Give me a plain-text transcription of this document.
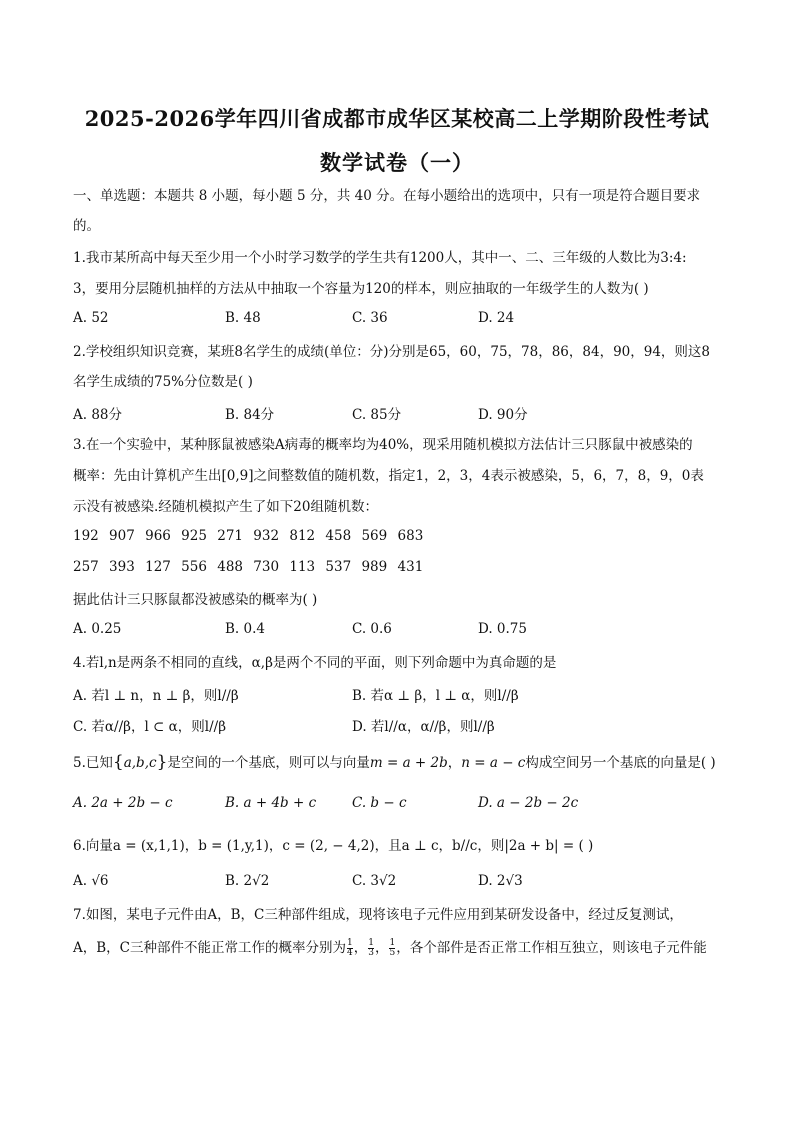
2025-2026学年四川省成都市成华区某校高二上学期阶段性考试
数学试卷（一）
一、单选题：本题共 8 小题，每小题 5 分，共 40 分。在每小题给出的选项中，只有一项是符合题目要求
的。
1.我市某所高中每天至少用一个小时学习数学的学生共有1200人，其中一、二、三年级的人数比为3:4:
3，要用分层随机抽样的方法从中抽取一个容量为120的样本，则应抽取的一年级学生的人数为( )
A. 52	B. 48	C. 36	D. 24
2.学校组织知识竞赛，某班8名学生的成绩(单位：分)分别是65，60，75，78，86，84，90，94，则这8
名学生成绩的75%分位数是( )
A. 88分	B. 84分	C. 85分	D. 90分
3.在一个实验中，某种豚鼠被感染A病毒的概率均为40%，现采用随机模拟方法估计三只豚鼠中被感染的
概率：先由计算机产生出[0,9]之间整数值的随机数，指定1，2，3，4表示被感染，5，6，7，8，9，0表
示没有被感染.经随机模拟产生了如下20组随机数：
192 907 966 925 271 932 812 458 569 683
257 393 127 556 488 730 113 537 989 431
据此估计三只豚鼠都没被感染的概率为( )
A. 0.25	B. 0.4	C. 0.6	D. 0.75
4.若l,n是两条不相同的直线，α,β是两个不同的平面，则下列命题中为真命题的是
A. 若l ⊥ n，n ⊥ β，则l//β	B. 若α ⊥ β，l ⊥ α，则l//β
C. 若α//β，l ⊂ α，则l//β	D. 若l//α，α//β，则l//β
5.已知{a,b,c}是空间的一个基底，则可以与向量m = a + 2b，n = a − c构成空间另一个基底的向量是( )
A. 2a + 2b − c	B. a + 4b + c	C. b − c	D. a − 2b − 2c
6.向量a = (x,1,1)，b = (1,y,1)，c = (2, − 4,2)，且a ⊥ c，b//c，则|2a + b| = ( )
A. √6	B. 2√2	C. 3√2	D. 2√3
7.如图，某电子元件由A，B，C三种部件组成，现将该电子元件应用到某研发设备中，经过反复测试，
A，B，C三种部件不能正常工作的概率分别为 $\frac{1}{4}$ ， $\frac{1}{3}$ ， $\frac{1}{5}$ ，各个部件是否正常工作相互独立，则该电子元件能
